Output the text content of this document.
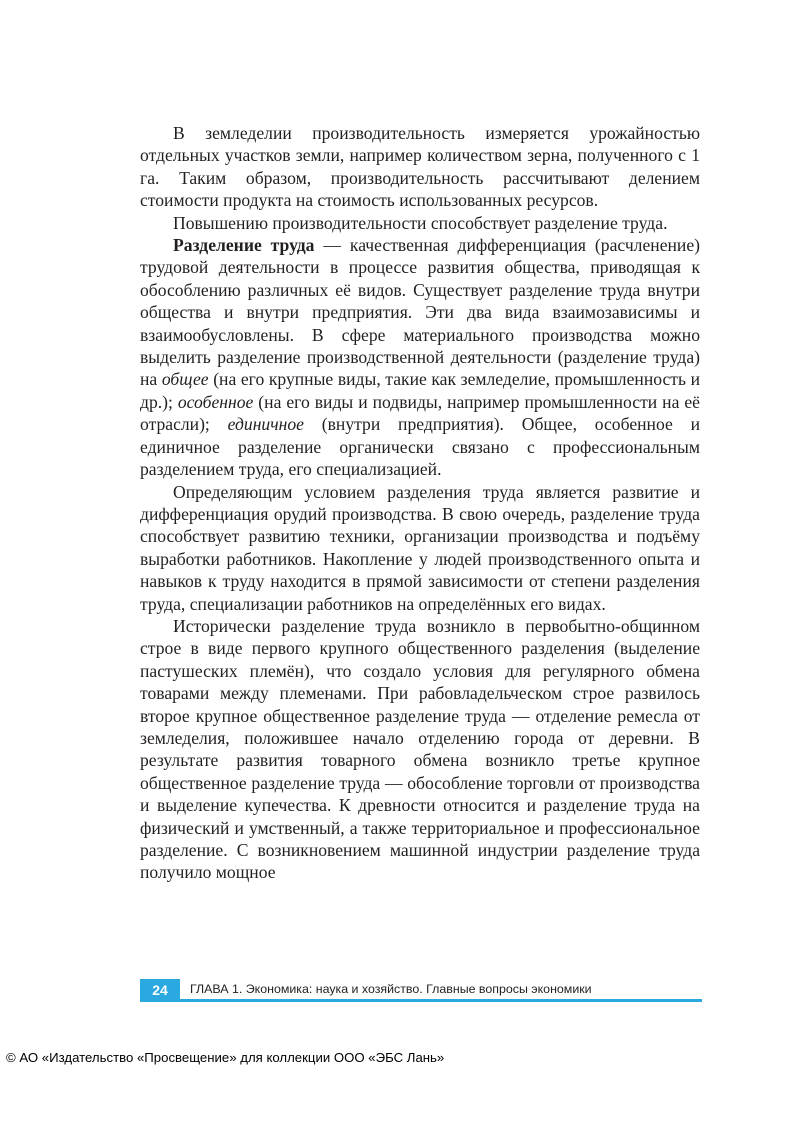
В земледелии производительность измеряется урожайностью отдельных участков земли, например количеством зерна, полученного с 1 га. Таким образом, производительность рассчитывают делением стоимости продукта на стоимость использованных ресурсов.

Повышению производительности способствует разделение труда.

Разделение труда — качественная дифференциация (расчленение) трудовой деятельности в процессе развития общества, приводящая к обособлению различных её видов. Существует разделение труда внутри общества и внутри предприятия. Эти два вида взаимозависимы и взаимообусловлены. В сфере материального производства можно выделить разделение производственной деятельности (разделение труда) на общее (на его крупные виды, такие как земледелие, промышленность и др.); особенное (на его виды и подвиды, например промышленности на её отрасли); единичное (внутри предприятия). Общее, особенное и единичное разделение органически связано с профессиональным разделением труда, его специализацией.

Определяющим условием разделения труда является развитие и дифференциация орудий производства. В свою очередь, разделение труда способствует развитию техники, организации производства и подъёму выработки работников. Накопление у людей производственного опыта и навыков к труду находится в прямой зависимости от степени разделения труда, специализации работников на определённых его видах.

Исторически разделение труда возникло в первобытно-общинном строе в виде первого крупного общественного разделения (выделение пастушеских племён), что создало условия для регулярного обмена товарами между племенами. При рабовладельческом строе развилось второе крупное общественное разделение труда — отделение ремесла от земледелия, положившее начало отделению города от деревни. В результате развития товарного обмена возникло третье крупное общественное разделение труда — обособление торговли от производства и выделение купечества. К древности относится и разделение труда на физический и умственный, а также территориальное и профессиональное разделение. С возникновением машинной индустрии разделение труда получило мощное

24	ГЛАВА 1. Экономика: наука и хозяйство. Главные вопросы экономики
© АО «Издательство «Просвещение» для коллекции ООО «ЭБС Лань»
